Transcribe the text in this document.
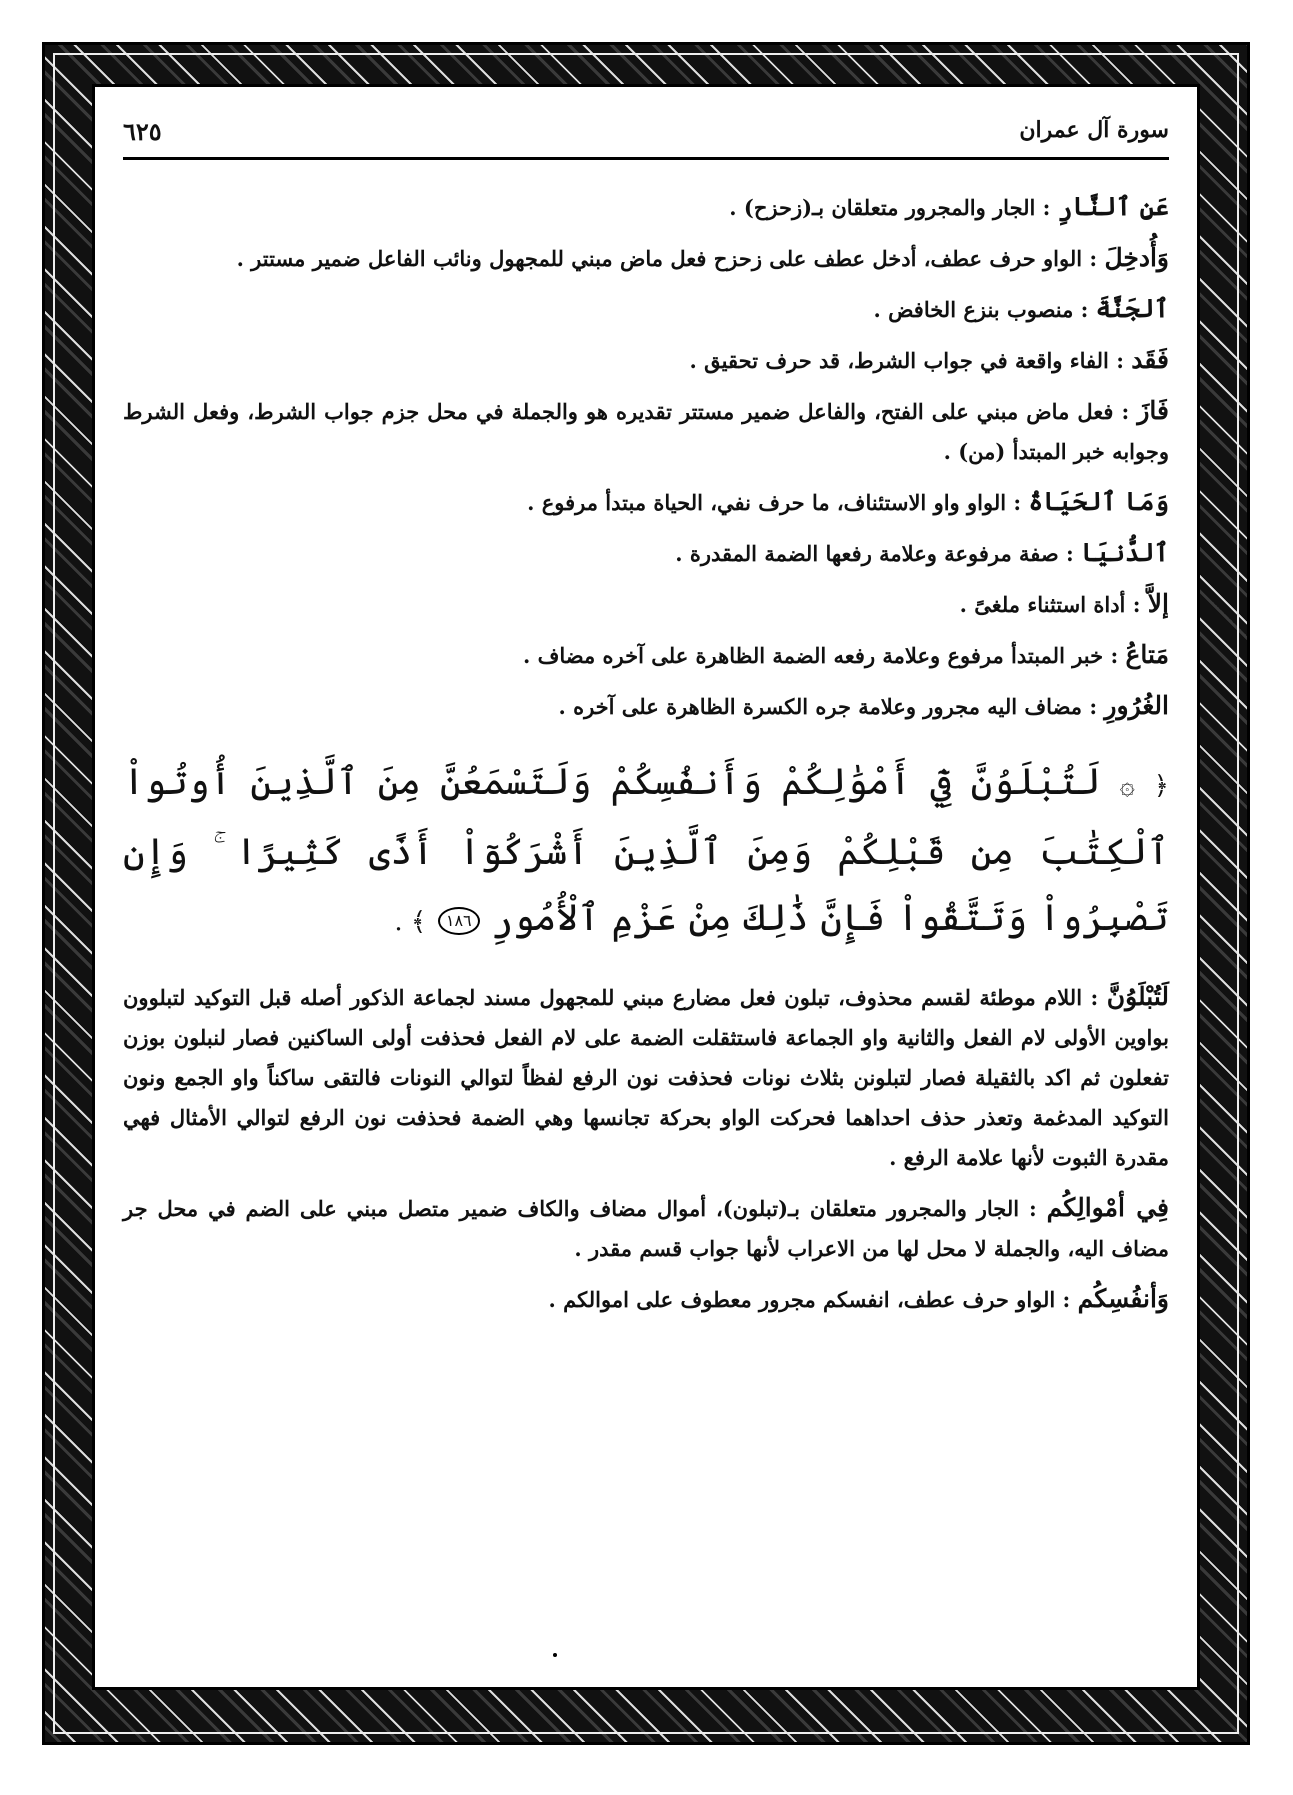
سورة آل عمران
٦٢٥

عَنِ ٱلنَّارِ : الجار والمجرور متعلقان بـ(زحزح) .

وَأُدخِلَ : الواو حرف عطف، أدخل عطف على زحزح فعل ماض مبني للمجهول ونائب الفاعل ضمير مستتر .

ٱلجَنَّةَ : منصوب بنزع الخافض .

فَقَد : الفاء واقعة في جواب الشرط، قد حرف تحقيق .

فَازَ : فعل ماض مبني على الفتح، والفاعل ضمير مستتر تقديره هو والجملة في محل جزم جواب الشرط، وفعل الشرط وجوابه خبر المبتدأ (من) .

وَمَا ٱلحَيَاةُ : الواو واو الاستئناف، ما حرف نفي، الحياة مبتدأ مرفوع .

ٱلدُّنيَا : صفة مرفوعة وعلامة رفعها الضمة المقدرة .

إلاَّ : أداة استثناء ملغىً .

مَتاعُ : خبر المبتدأ مرفوع وعلامة رفعه الضمة الظاهرة على آخره مضاف .

الغُرُورِ : مضاف اليه مجرور وعلامة جره الكسرة الظاهرة على آخره .

﴿ ۞ لَتُبْلَوُنَّ فِيٓ أَمْوَٰلِكُمْ وَأَنفُسِكُمْ وَلَتَسْمَعُنَّ مِنَ ٱلَّذِينَ أُوتُواْ ٱلْكِتَٰبَ مِن قَبْلِكُمْ وَمِنَ ٱلَّذِينَ أَشْرَكُوٓاْ أَذًى كَثِيرًا ۚ وَإِن تَصْبِرُواْ وَتَتَّقُواْ فَإِنَّ ذَٰلِكَ مِنْ عَزْمِ ٱلْأُمُورِ ١٨٦ ﴾ .

لَتُبْلَوُنَّ : اللام موطئة لقسم محذوف، تبلون فعل مضارع مبني للمجهول مسند لجماعة الذكور أصله قبل التوكيد لتبلوون بواوين الأولى لام الفعل والثانية واو الجماعة فاستثقلت الضمة على لام الفعل فحذفت أولى الساكنين فصار لنبلون بوزن تفعلون ثم اكد بالثقيلة فصار لتبلونن بثلاث نونات فحذفت نون الرفع لفظاً لتوالي النونات فالتقى ساكناً واو الجمع ونون التوكيد المدغمة وتعذر حذف احداهما فحركت الواو بحركة تجانسها وهي الضمة فحذفت نون الرفع لتوالي الأمثال فهي مقدرة الثبوت لأنها علامة الرفع .

فِي أمْوالِكُم : الجار والمجرور متعلقان بـ(تبلون)، أموال مضاف والكاف ضمير متصل مبني على الضم في محل جر مضاف اليه، والجملة لا محل لها من الاعراب لأنها جواب قسم مقدر .

وَأنفُسِكُم : الواو حرف عطف، انفسكم مجرور معطوف على اموالكم .
